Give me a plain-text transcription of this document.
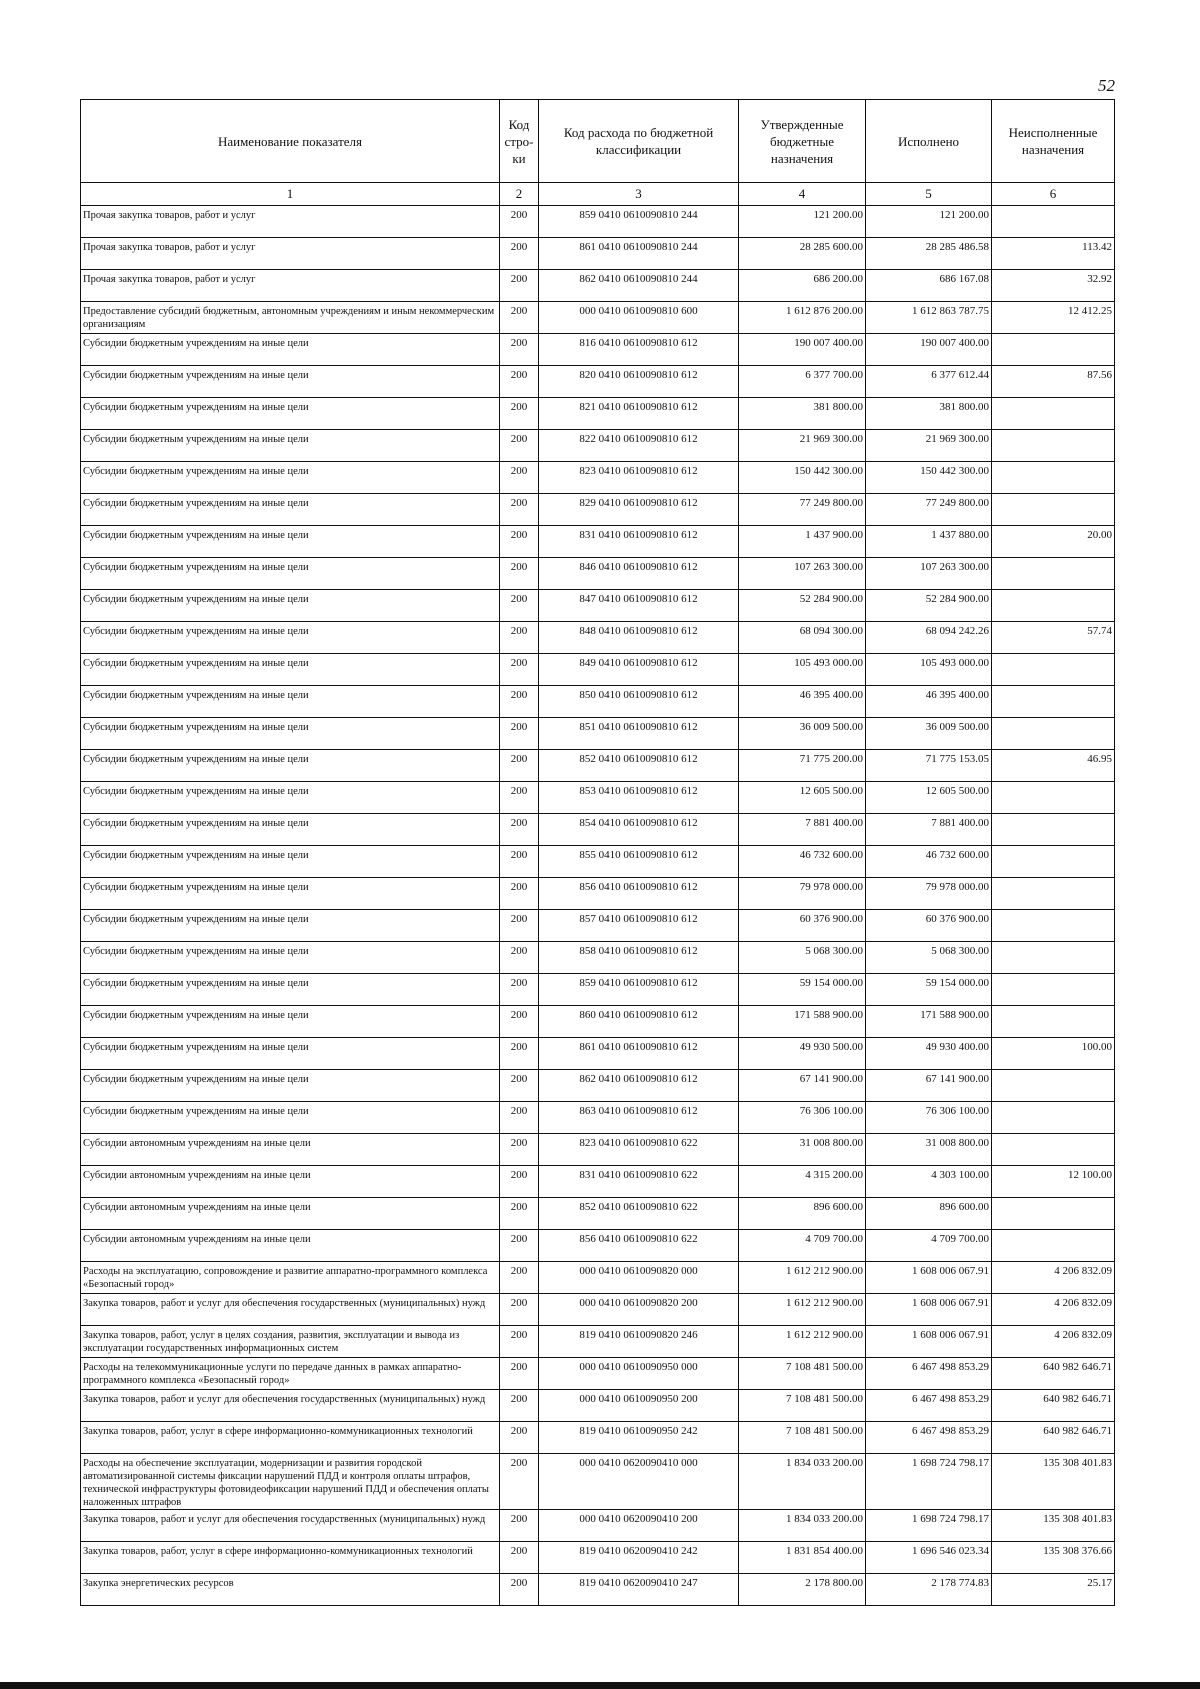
52
Наименование показателя	Код стро- ки	Код расхода по бюджетной классификации	Утвержденные бюджетные назначения	Исполнено	Неисполненные назначения
1	2	3	4	5	6
Прочая закупка товаров, работ и услуг	200	859 0410 0610090810 244	121 200.00	121 200.00	
Прочая закупка товаров, работ и услуг	200	861 0410 0610090810 244	28 285 600.00	28 285 486.58	113.42
Прочая закупка товаров, работ и услуг	200	862 0410 0610090810 244	686 200.00	686 167.08	32.92
Предоставление субсидий бюджетным, автономным учреждениям и иным некоммерческим организациям	200	000 0410 0610090810 600	1 612 876 200.00	1 612 863 787.75	12 412.25
Субсидии бюджетным учреждениям на иные цели	200	816 0410 0610090810 612	190 007 400.00	190 007 400.00	
Субсидии бюджетным учреждениям на иные цели	200	820 0410 0610090810 612	6 377 700.00	6 377 612.44	87.56
Субсидии бюджетным учреждениям на иные цели	200	821 0410 0610090810 612	381 800.00	381 800.00	
Субсидии бюджетным учреждениям на иные цели	200	822 0410 0610090810 612	21 969 300.00	21 969 300.00	
Субсидии бюджетным учреждениям на иные цели	200	823 0410 0610090810 612	150 442 300.00	150 442 300.00	
Субсидии бюджетным учреждениям на иные цели	200	829 0410 0610090810 612	77 249 800.00	77 249 800.00	
Субсидии бюджетным учреждениям на иные цели	200	831 0410 0610090810 612	1 437 900.00	1 437 880.00	20.00
Субсидии бюджетным учреждениям на иные цели	200	846 0410 0610090810 612	107 263 300.00	107 263 300.00	
Субсидии бюджетным учреждениям на иные цели	200	847 0410 0610090810 612	52 284 900.00	52 284 900.00	
Субсидии бюджетным учреждениям на иные цели	200	848 0410 0610090810 612	68 094 300.00	68 094 242.26	57.74
Субсидии бюджетным учреждениям на иные цели	200	849 0410 0610090810 612	105 493 000.00	105 493 000.00	
Субсидии бюджетным учреждениям на иные цели	200	850 0410 0610090810 612	46 395 400.00	46 395 400.00	
Субсидии бюджетным учреждениям на иные цели	200	851 0410 0610090810 612	36 009 500.00	36 009 500.00	
Субсидии бюджетным учреждениям на иные цели	200	852 0410 0610090810 612	71 775 200.00	71 775 153.05	46.95
Субсидии бюджетным учреждениям на иные цели	200	853 0410 0610090810 612	12 605 500.00	12 605 500.00	
Субсидии бюджетным учреждениям на иные цели	200	854 0410 0610090810 612	7 881 400.00	7 881 400.00	
Субсидии бюджетным учреждениям на иные цели	200	855 0410 0610090810 612	46 732 600.00	46 732 600.00	
Субсидии бюджетным учреждениям на иные цели	200	856 0410 0610090810 612	79 978 000.00	79 978 000.00	
Субсидии бюджетным учреждениям на иные цели	200	857 0410 0610090810 612	60 376 900.00	60 376 900.00	
Субсидии бюджетным учреждениям на иные цели	200	858 0410 0610090810 612	5 068 300.00	5 068 300.00	
Субсидии бюджетным учреждениям на иные цели	200	859 0410 0610090810 612	59 154 000.00	59 154 000.00	
Субсидии бюджетным учреждениям на иные цели	200	860 0410 0610090810 612	171 588 900.00	171 588 900.00	
Субсидии бюджетным учреждениям на иные цели	200	861 0410 0610090810 612	49 930 500.00	49 930 400.00	100.00
Субсидии бюджетным учреждениям на иные цели	200	862 0410 0610090810 612	67 141 900.00	67 141 900.00	
Субсидии бюджетным учреждениям на иные цели	200	863 0410 0610090810 612	76 306 100.00	76 306 100.00	
Субсидии автономным учреждениям на иные цели	200	823 0410 0610090810 622	31 008 800.00	31 008 800.00	
Субсидии автономным учреждениям на иные цели	200	831 0410 0610090810 622	4 315 200.00	4 303 100.00	12 100.00
Субсидии автономным учреждениям на иные цели	200	852 0410 0610090810 622	896 600.00	896 600.00	
Субсидии автономным учреждениям на иные цели	200	856 0410 0610090810 622	4 709 700.00	4 709 700.00	
Расходы на эксплуатацию, сопровождение и развитие аппаратно-программного комплекса «Безопасный город»	200	000 0410 0610090820 000	1 612 212 900.00	1 608 006 067.91	4 206 832.09
Закупка товаров, работ и услуг для обеспечения государственных (муниципальных) нужд	200	000 0410 0610090820 200	1 612 212 900.00	1 608 006 067.91	4 206 832.09
Закупка товаров, работ, услуг в целях создания, развития, эксплуатации и вывода из эксплуатации государственных информационных систем	200	819 0410 0610090820 246	1 612 212 900.00	1 608 006 067.91	4 206 832.09
Расходы на телекоммуникационные услуги по передаче данных в рамках аппаратно-программного комплекса «Безопасный город»	200	000 0410 0610090950 000	7 108 481 500.00	6 467 498 853.29	640 982 646.71
Закупка товаров, работ и услуг для обеспечения государственных (муниципальных) нужд	200	000 0410 0610090950 200	7 108 481 500.00	6 467 498 853.29	640 982 646.71
Закупка товаров, работ, услуг в сфере информационно-коммуникационных технологий	200	819 0410 0610090950 242	7 108 481 500.00	6 467 498 853.29	640 982 646.71
Расходы на обеспечение эксплуатации, модернизации и развития городской автоматизированной системы фиксации нарушений ПДД и контроля оплаты штрафов, технической инфраструктуры фотовидеофиксации нарушений ПДД и обеспечения оплаты наложенных штрафов	200	000 0410 0620090410 000	1 834 033 200.00	1 698 724 798.17	135 308 401.83
Закупка товаров, работ и услуг для обеспечения государственных (муниципальных) нужд	200	000 0410 0620090410 200	1 834 033 200.00	1 698 724 798.17	135 308 401.83
Закупка товаров, работ, услуг в сфере информационно-коммуникационных технологий	200	819 0410 0620090410 242	1 831 854 400.00	1 696 546 023.34	135 308 376.66
Закупка энергетических ресурсов	200	819 0410 0620090410 247	2 178 800.00	2 178 774.83	25.17
